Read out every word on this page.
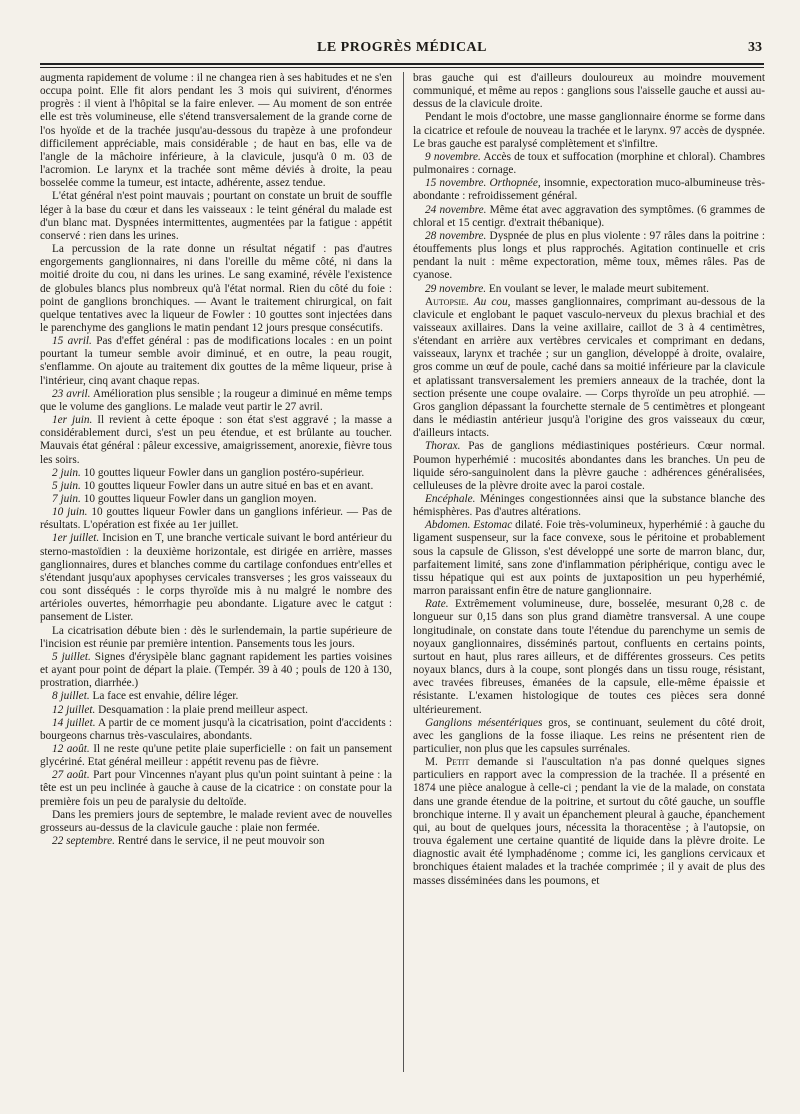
LE PROGRÈS MÉDICAL	33

augmenta rapidement de volume : il ne changea rien à ses habitudes et ne s'en occupa point. Elle fit alors pendant les 3 mois qui suivirent, d'énormes progrès : il vient à l'hôpital se la faire enlever. — Au moment de son entrée elle est très volumineuse, elle s'étend transversalement de la grande corne de l'os hyoïde et de la trachée jusqu'au-dessous du trapèze à une profondeur difficilement appréciable, mais considérable ; de haut en bas, elle va de l'angle de la mâchoire inférieure, à la clavicule, jusqu'à 0 m. 03 de l'acromion. Le larynx et la trachée sont même déviés à droite, la peau bosselée comme la tumeur, est intacte, adhérente, assez tendue.

L'état général n'est point mauvais ; pourtant on constate un bruit de souffle léger à la base du cœur et dans les vaisseaux : le teint général du malade est d'un blanc mat. Dyspnées intermittentes, augmentées par la fatigue : appétit conservé : rien dans les urines.

La percussion de la rate donne un résultat négatif : pas d'autres engorgements ganglionnaires, ni dans l'oreille du même côté, ni dans la moitié droite du cou, ni dans les urines. Le sang examiné, révèle l'existence de globules blancs plus nombreux qu'à l'état normal. Rien du côté du foie : point de ganglions bronchiques. — Avant le traitement chirurgical, on fait quelque tentatives avec la liqueur de Fowler : 10 gouttes sont injectées dans le parenchyme des ganglions le matin pendant 12 jours presque consécutifs.

15 avril. Pas d'effet général : pas de modifications locales : en un point pourtant la tumeur semble avoir diminué, et en outre, la peau rougit, s'enflamme. On ajoute au traitement dix gouttes de la même liqueur, prise à l'intérieur, cinq avant chaque repas.

23 avril. Amélioration plus sensible ; la rougeur a diminué en même temps que le volume des ganglions. Le malade veut partir le 27 avril.

1er juin. Il revient à cette époque : son état s'est aggravé ; la masse a considérablement durci, s'est un peu étendue, et est brûlante au toucher. Mauvais état général : pâleur excessive, amaigrissement, anorexie, fièvre tous les soirs.

2 juin. 10 gouttes liqueur Fowler dans un ganglion postéro-supérieur.

5 juin. 10 gouttes liqueur Fowler dans un autre situé en bas et en avant.

7 juin. 10 gouttes liqueur Fowler dans un ganglion moyen.

10 juin. 10 gouttes liqueur Fowler dans un ganglions inférieur. — Pas de résultats. L'opération est fixée au 1er juillet.

1er juillet. Incision en T, une branche verticale suivant le bord antérieur du sterno-mastoïdien : la deuxième horizontale, est dirigée en arrière, masses ganglionnaires, dures et blanches comme du cartilage confondues entr'elles et s'étendant jusqu'aux apophyses cervicales transverses ; les gros vaisseaux du cou sont disséqués : le corps thyroïde mis à nu malgré le nombre des artérioles ouvertes, hémorrhagie peu abondante. Ligature avec le catgut : pansement de Lister.

La cicatrisation débute bien : dès le surlendemain, la partie supérieure de l'incision est réunie par première intention. Pansements tous les jours.

5 juillet. Signes d'érysipèle blanc gagnant rapidement les parties voisines et ayant pour point de départ la plaie. (Tempér. 39 à 40 ; pouls de 120 à 130, prostration, diarrhée.)

8 juillet. La face est envahie, délire léger.

12 juillet. Desquamation : la plaie prend meilleur aspect.

14 juillet. A partir de ce moment jusqu'à la cicatrisation, point d'accidents : bourgeons charnus très-vasculaires, abondants.

12 août. Il ne reste qu'une petite plaie superficielle : on fait un pansement glycériné. Etat général meilleur : appétit revenu pas de fièvre.

27 août. Part pour Vincennes n'ayant plus qu'un point suintant à peine : la tête est un peu inclinée à gauche à cause de la cicatrice : on constate pour la première fois un peu de paralysie du deltoïde.

Dans les premiers jours de septembre, le malade revient avec de nouvelles grosseurs au-dessus de la clavicule gauche : plaie non fermée.

22 septembre. Rentré dans le service, il ne peut mouvoir son

bras gauche qui est d'ailleurs douloureux au moindre mouvement communiqué, et même au repos : ganglions sous l'aisselle gauche et aussi au-dessus de la clavicule droite.

Pendant le mois d'octobre, une masse ganglionnaire énorme se forme dans la cicatrice et refoule de nouveau la trachée et le larynx. 97 accès de dyspnée. Le bras gauche est paralysé complètement et s'infiltre.

9 novembre. Accès de toux et suffocation (morphine et chloral). Chambres pulmonaires : cornage.

15 novembre. Orthopnée, insomnie, expectoration muco-albumineuse très-abondante : refroidissement général.

24 novembre. Même état avec aggravation des symptômes. (6 grammes de chloral et 15 centigr. d'extrait thébanique).

28 novembre. Dyspnée de plus en plus violente : 97 râles dans la poitrine : étouffements plus longs et plus rapprochés. Agitation continuelle et cris pendant la nuit : même expectoration, même toux, mêmes râles. Pas de cyanose.

29 novembre. En voulant se lever, le malade meurt subitement.

Autopsie. Au cou, masses ganglionnaires, comprimant au-dessous de la clavicule et englobant le paquet vasculo-nerveux du plexus brachial et des vaisseaux axillaires. Dans la veine axillaire, caillot de 3 à 4 centimètres, s'étendant en arrière aux vertèbres cervicales et comprimant en dedans, vaisseaux, larynx et trachée ; sur un ganglion, développé à droite, ovalaire, gros comme un œuf de poule, caché dans sa moitié inférieure par la clavicule et aplatissant transversalement les premiers anneaux de la trachée, dont la section présente une coupe ovalaire. — Corps thyroïde un peu atrophié. — Gros ganglion dépassant la fourchette sternale de 5 centimètres et plongeant dans le médiastin antérieur jusqu'à l'origine des gros vaisseaux du cœur, d'ailleurs intacts.

Thorax. Pas de ganglions médiastiniques postérieurs. Cœur normal. Poumon hyperhémié : mucosités abondantes dans les branches. Un peu de liquide séro-sanguinolent dans la plèvre gauche : adhérences généralisées, celluleuses de la plèvre droite avec la paroi costale.

Encéphale. Méninges congestionnées ainsi que la substance blanche des hémisphères. Pas d'autres altérations.

Abdomen. Estomac dilaté. Foie très-volumineux, hyperhémié : à gauche du ligament suspenseur, sur la face convexe, sous le péritoine et probablement sous la capsule de Glisson, s'est développé une sorte de marron blanc, dur, parfaitement limité, sans zone d'inflammation périphérique, contigu avec le tissu hépatique qui est aux points de juxtaposition un peu hyperhémié, marron paraissant enfin être de nature ganglionnaire.

Rate. Extrêmement volumineuse, dure, bosselée, mesurant 0,28 c. de longueur sur 0,15 dans son plus grand diamètre transversal. A une coupe longitudinale, on constate dans toute l'étendue du parenchyme un semis de noyaux ganglionnaires, disséminés partout, confluents en certains points, surtout en haut, plus rares ailleurs, et de différentes grosseurs. Ces petits noyaux blancs, durs à la coupe, sont plongés dans un tissu rouge, résistant, avec travées fibreuses, émanées de la capsule, elle-même épaissie et résistante. L'examen histologique de toutes ces pièces sera donné ultérieurement.

Ganglions mésentériques gros, se continuant, seulement du côté droit, avec les ganglions de la fosse iliaque. Les reins ne présentent rien de particulier, non plus que les capsules surrénales.

M. Petit demande si l'auscultation n'a pas donné quelques signes particuliers en rapport avec la compression de la trachée. Il a présenté en 1874 une pièce analogue à celle-ci ; pendant la vie de la malade, on constata dans une grande étendue de la poitrine, et surtout du côté gauche, un souffle bronchique interne. Il y avait un épanchement pleural à gauche, épanchement qui, au bout de quelques jours, nécessita la thoracentèse ; à l'autopsie, on trouva également une certaine quantité de liquide dans la plèvre droite. Le diagnostic avait été lymphadénome ; comme ici, les ganglions cervicaux et bronchiques étaient malades et la trachée comprimée ; il y avait de plus des masses disséminées dans les poumons, et
